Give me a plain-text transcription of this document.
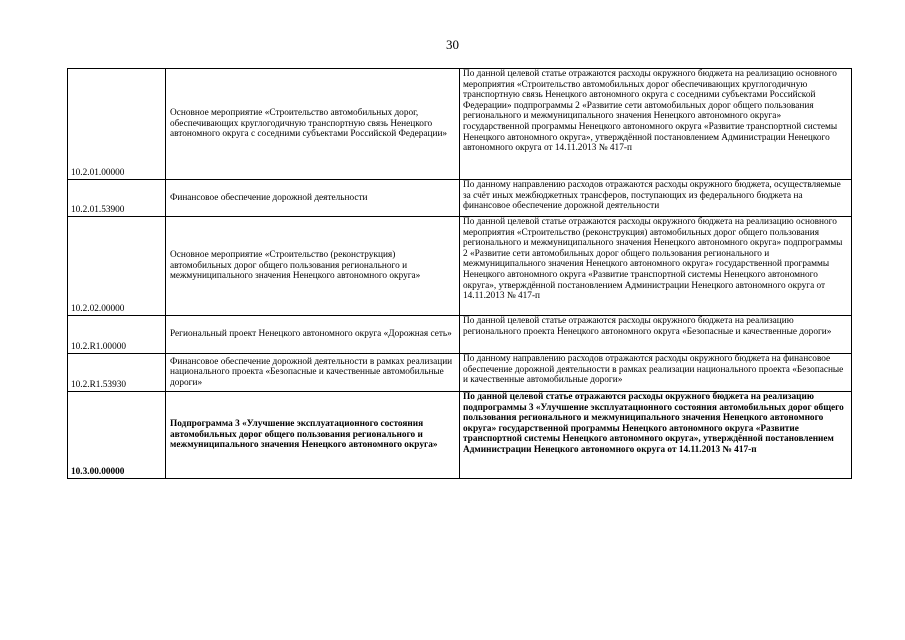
30
10.2.01.00000	Основное мероприятие «Строительство автомобильных дорог, обеспечивающих круглогодичную транспортную связь Ненецкого автономного округа с соседними субъектами Российской Федерации»	По данной целевой статье отражаются расходы окружного бюджета на реализацию основного мероприятия «Строительство автомобильных дорог обеспечивающих круглогодичную транспортную связь Ненецкого автономного округа с соседними субъектами Российской Федерации» подпрограммы 2 «Развитие сети автомобильных дорог общего пользования регионального и межмуниципального значения Ненецкого автономного округа» государственной программы Ненецкого автономного округа «Развитие транспортной системы Ненецкого автономного округа», утверждённой постановлением Администрации Ненецкого автономного округа от 14.11.2013 № 417-п
10.2.01.53900	Финансовое обеспечение дорожной деятельности	По данному направлению расходов отражаются расходы окружного бюджета, осуществляемые за счёт иных межбюджетных трансферов, поступающих из федерального бюджета на финансовое обеспечение дорожной деятельности
10.2.02.00000	Основное мероприятие «Строительство (реконструкция) автомобильных дорог общего пользования регионального и межмуниципального значения Ненецкого автономного округа»	По данной целевой статье отражаются расходы окружного бюджета на реализацию основного мероприятия «Строительство (реконструкция) автомобильных дорог общего пользования регионального и межмуниципального значения Ненецкого автономного округа» подпрограммы 2 «Развитие сети автомобильных дорог общего пользования регионального и межмуниципального значения Ненецкого автономного округа» государственной программы Ненецкого автономного округа «Развитие транспортной системы Ненецкого автономного округа», утверждённой постановлением Администрации Ненецкого автономного округа от 14.11.2013 № 417-п
10.2.R1.00000	Региональный проект Ненецкого автономного округа «Дорожная сеть»	По данной целевой статье отражаются расходы окружного бюджета на реализацию регионального проекта Ненецкого автономного округа «Безопасные и качественные дороги»
10.2.R1.53930	Финансовое обеспечение дорожной деятельности в рамках реализации национального проекта «Безопасные и качественные автомобильные дороги»	По данному направлению расходов отражаются расходы окружного бюджета на финансовое обеспечение дорожной деятельности в рамках реализации национального проекта «Безопасные и качественные автомобильные дороги»
10.3.00.00000	Подпрограмма 3 «Улучшение эксплуатационного состояния автомобильных дорог общего пользования регионального и межмуниципального значения Ненецкого автономного округа»	По данной целевой статье отражаются расходы окружного бюджета на реализацию подпрограммы 3 «Улучшение эксплуатационного состояния автомобильных дорог общего пользования регионального и межмуниципального значения Ненецкого автономного округа» государственной программы Ненецкого автономного округа «Развитие транспортной системы Ненецкого автономного округа», утверждённой постановлением Администрации Ненецкого автономного округа от 14.11.2013 № 417-п
